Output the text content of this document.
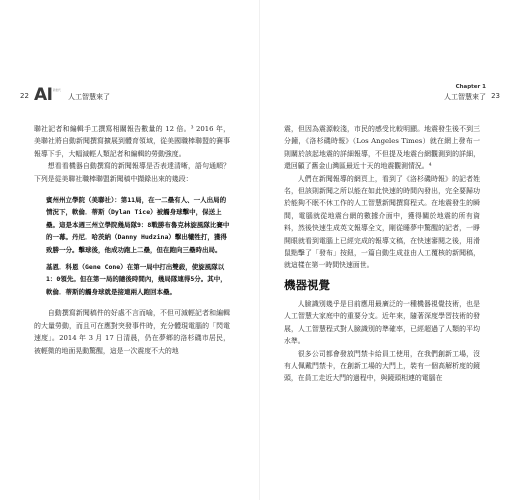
22 AI 新世代
人工智慧來了

聯社記者和編輯手工撰寫相關報告數量的 12 倍。³ 2016 年，美聯社將自動新聞撰寫擴展到體育領域，從美國職棒聯盟的賽事報導下手，大幅減輕人類記者和編輯的勞動強度。

想看看機器自動撰寫的新聞報導是否表達清晰，語句通順？下列是從美聯社職棒聯盟新聞稿中擷錄出來的幾段：

賓州州立學院（美聯社）：第11局，在一二壘有人、一人出局的情況下，軟倫．蒂斯（Dylan Tice）被觸身球擊中，保送上壘。這是本週三州立學院幾局隊9：8戰勝布魯克林旋風隊比賽中的一幕。丹尼．哈茨納（Danny Hudzina）擊出犧牲打，獲得致勝一分。擊球後，他成功跑上二壘，但在跑向三壘時出局。

基恩．科恩（Gene Cone）在第一局中打出雙殺，使旋風隊以1：0領先。但在第一局的隨後時間內，幾局隊連得5分。其中，軟倫．蒂斯的觸身球就是接連兩人跑回本壘。

自動撰寫新聞稿件的好處不言而喻，不但可減輕記者和編輯的大量勞動，而且可在應對突發事件時，充分體現電腦的「閃電速度」。2014 年 3 月 17 日清晨，仍在夢鄉的洛杉磯市居民，被輕微的地面晃動驚醒，這是一次震度不大的地

Chapter 1
人工智慧來了 23

震，但因為震源較淺，市民的感受比較明顯。地震發生後不到三分鐘，《洛杉磯時報》（Los Angeles Times）就在網上發布一則關於該起地震的詳細報導，不但提及地震台網觀測到的詳細，還回顧了舊金山灣區最近十天的地震觀測情況。⁴

人們在新聞報導的網頁上，看到了《洛杉磯時報》的記者姓名，但該則新聞之所以能在如此快速的時間內發出，完全要歸功於能夠不眠不休工作的人工智慧新聞撰寫程式。在地震發生的瞬間，電腦就從地震台網的數據介面中，獲得關於地震的所有資料，然後快速生成英文報導全文，剛從睡夢中驚醒的記者，一睜開眼就看到電腦上已經完成的報導文稿，在快速審閱之後，用滑鼠點擊了「發布」按鈕，一篇自動生成並由人工覆核的新聞稿，就這樣在第一時間快速面世。

機器視覺

人臉識別幾乎是目前應用最廣泛的一種機器視覺技術，也是人工智慧大家庭中的重要分支。近年來，隨著深度學習技術的發展，人工智慧程式對人臉識別的準確率，已經超過了人類的平均水準。

很多公司都會發放門禁卡給員工使用，在我們創新工場，沒有人佩戴門禁卡，在創新工場的大門上，裝有一個高解析度的鏡頭，在員工走近大門的過程中，與鏡頭相連的電腦在
